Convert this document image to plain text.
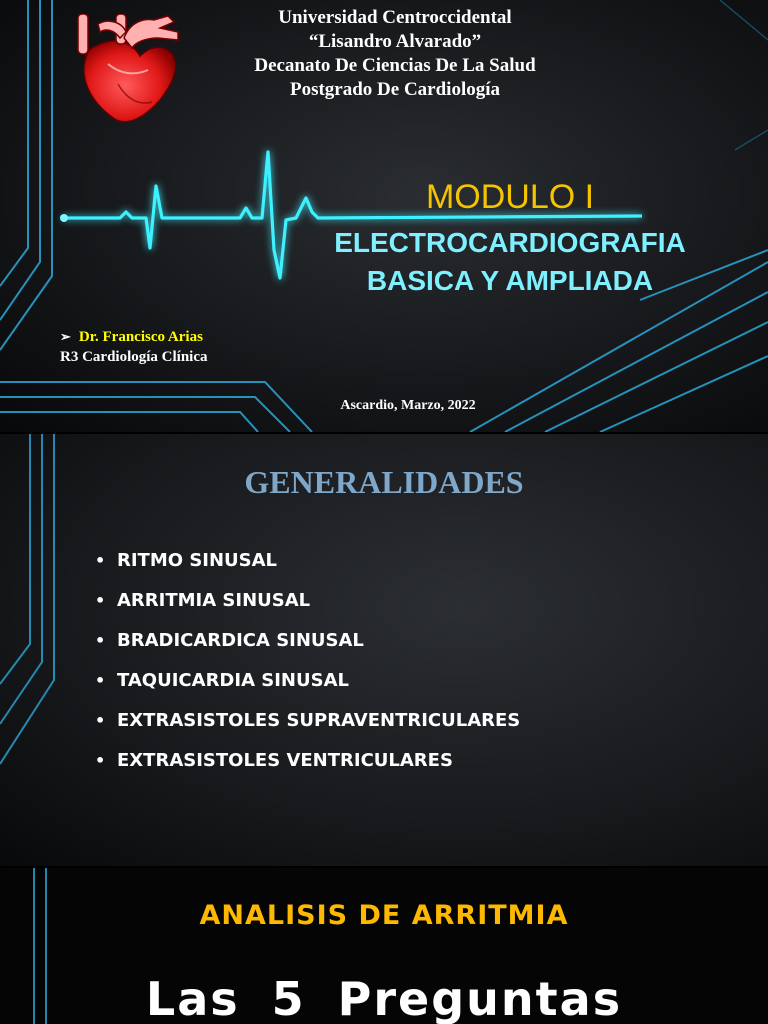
Universidad Centroccidental
“Lisandro Alvarado”
Decanato De Ciencias De La Salud
Postgrado De Cardiología
MODULO I
ELECTROCARDIOGRAFIA
BASICA Y AMPLIADA
➢ Dr. Francisco Arias
R3 Cardiología Clínica
Ascardio, Marzo, 2022
GENERALIDADES
• RITMO SINUSAL
• ARRITMIA SINUSAL
• BRADICARDICA SINUSAL
• TAQUICARDIA SINUSAL
• EXTRASISTOLES SUPRAVENTRICULARES
• EXTRASISTOLES VENTRICULARES
ANALISIS DE ARRITMIA
Las 5 Preguntas
